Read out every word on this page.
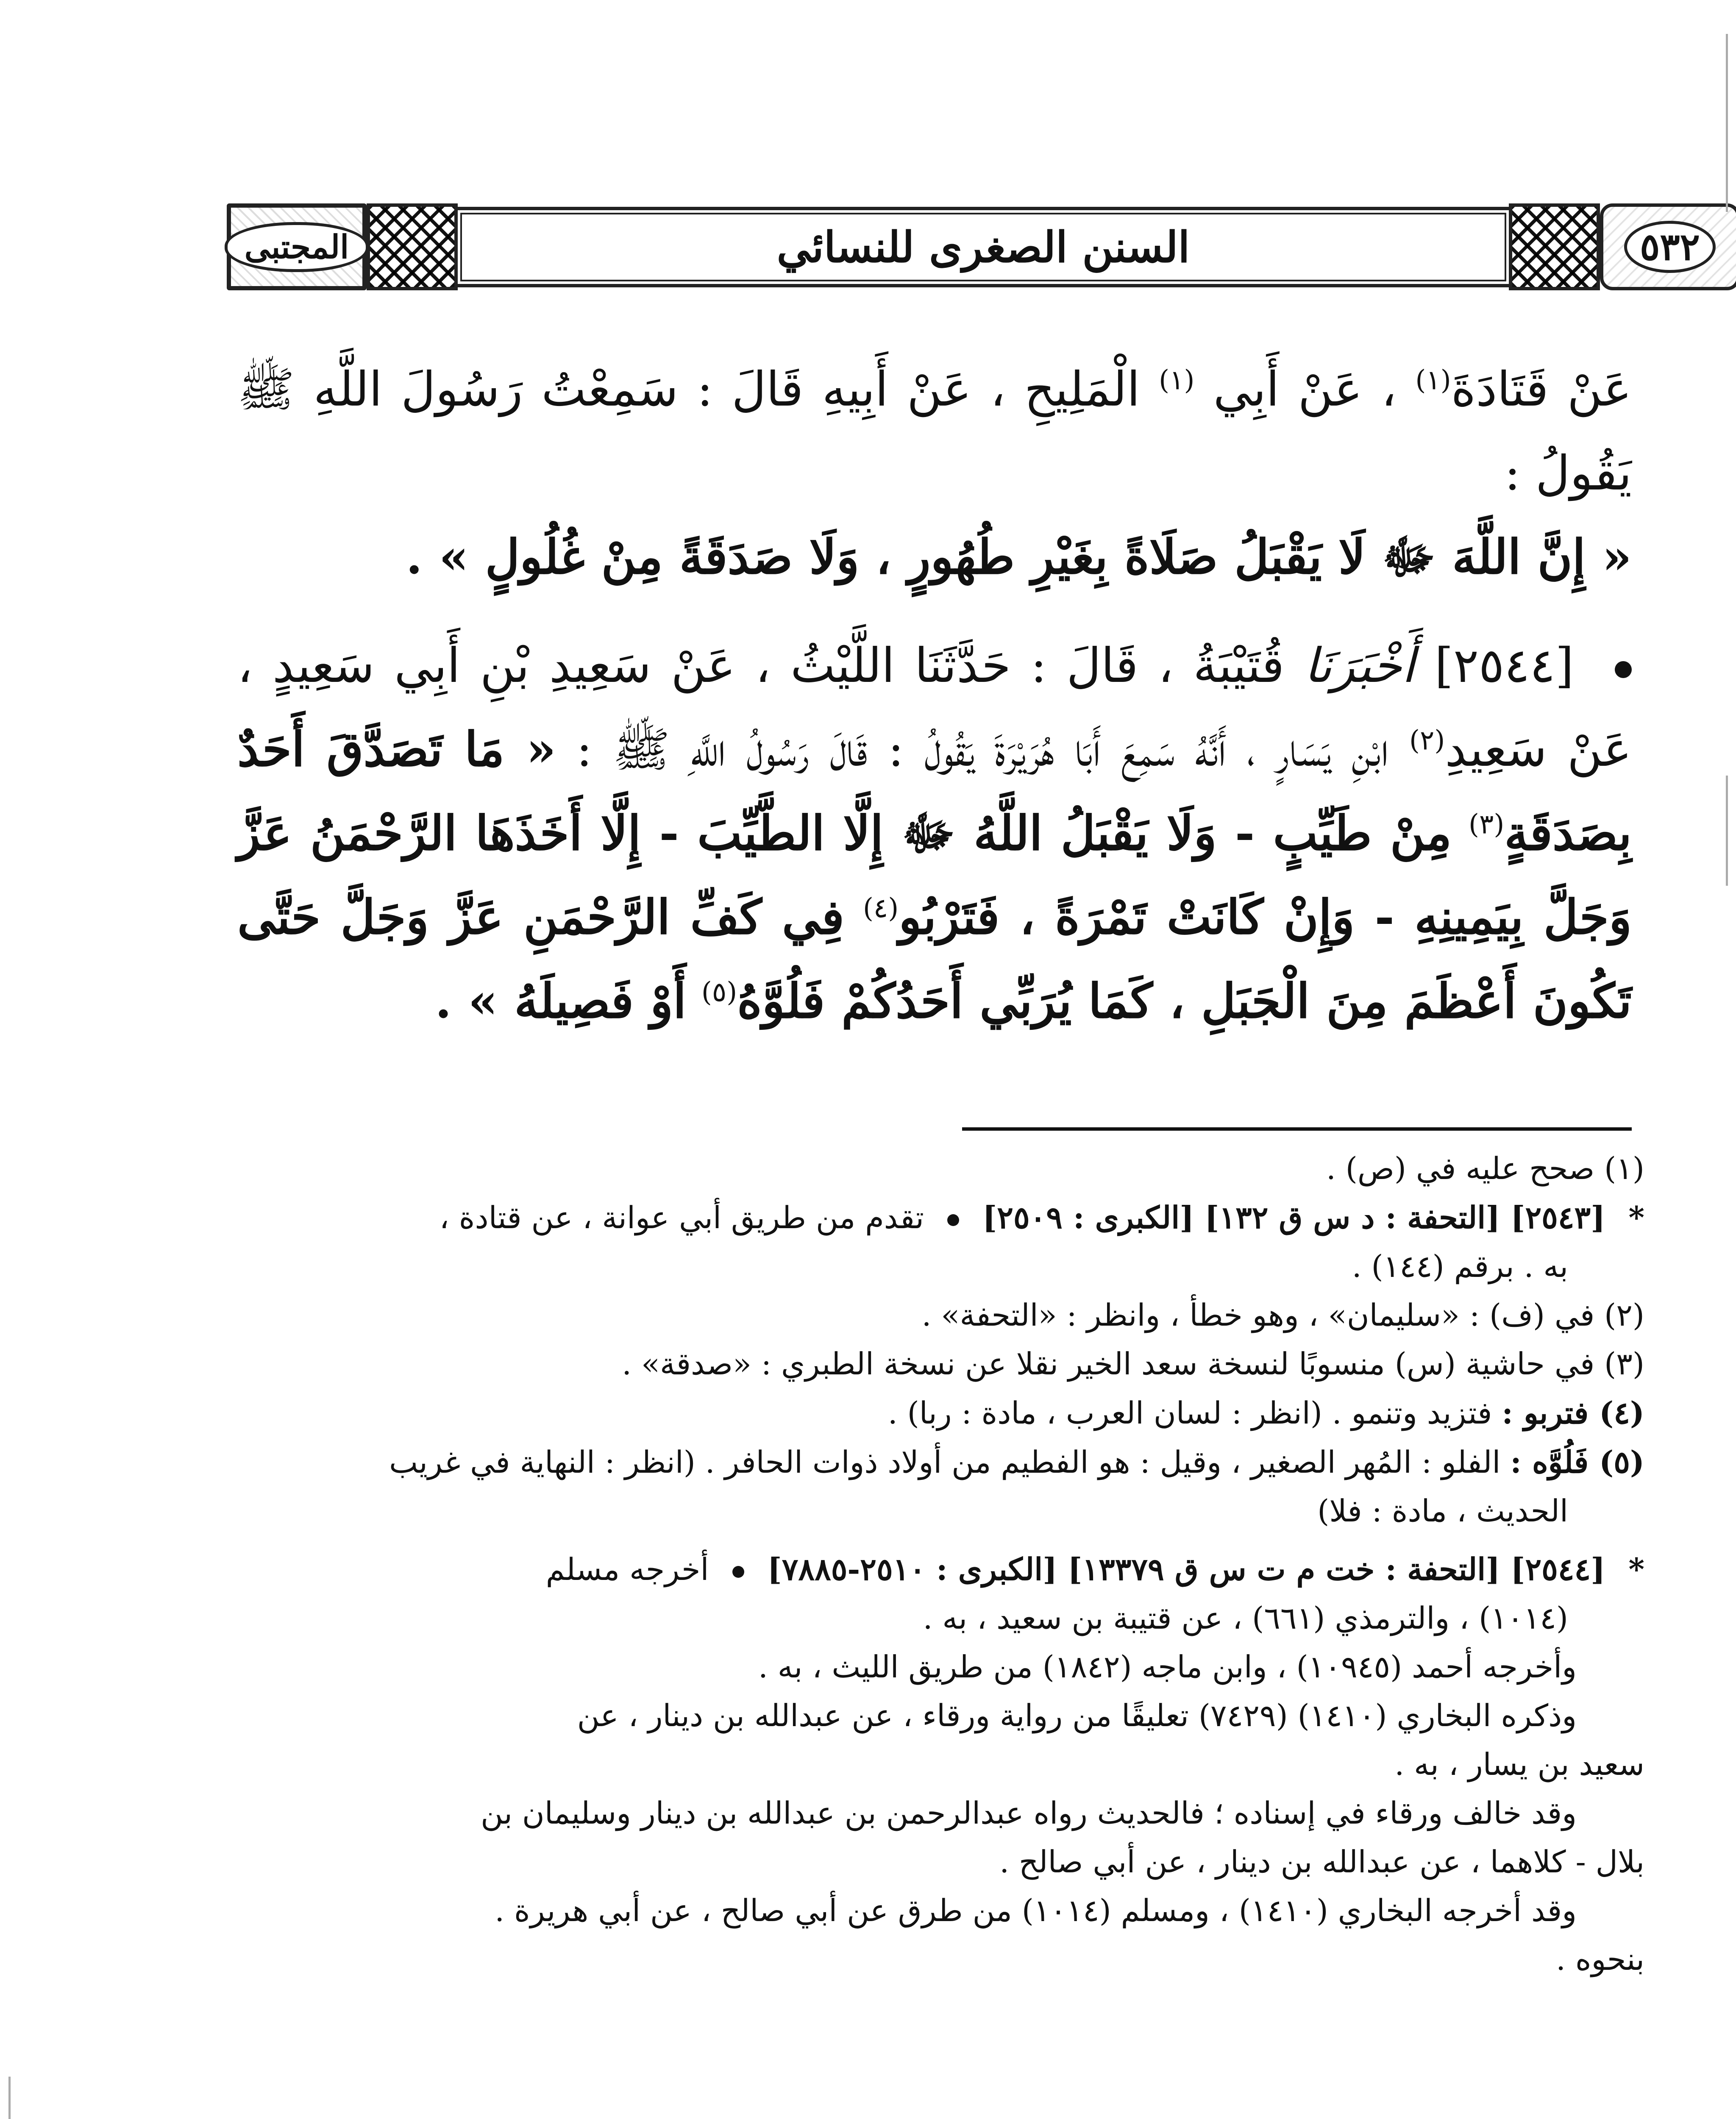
المجتبى	السنن الصغرى للنسائي	٥٣٢

عَنْ قَتَادَةَ$^{(١)}$ ، عَنْ أَبِي $^{(١)}$ الْمَلِيحِ ، عَنْ أَبِيهِ قَالَ : سَمِعْتُ رَسُولَ اللَّهِ ﷺ يَقُولُ :

« إِنَّ اللَّهَ ﷻ لَا يَقْبَلُ صَلَاةً بِغَيْرِ طُهُورٍ ، وَلَا صَدَقَةً مِنْ غُلُولٍ » .

[٢٥٤٤] أَخْبَرَنَا قُتَيْبَةُ ، قَالَ : حَدَّثَنَا اللَّيْثُ ، عَنْ سَعِيدِ بْنِ أَبِي سَعِيدٍ ، عَنْ سَعِيدِ$^{(٢)}$ ابْنِ يَسَارٍ ، أَنَّهُ سَمِعَ أَبَا هُرَيْرَةَ يَقُولُ : قَالَ رَسُولُ اللَّهِ ﷺ : « مَا تَصَدَّقَ أَحَدٌ بِصَدَقَةٍ$^{(٣)}$ مِنْ طَيِّبٍ - وَلَا يَقْبَلُ اللَّهُ ﷻ إِلَّا الطَّيِّبَ - إِلَّا أَخَذَهَا الرَّحْمَنُ عَزَّ وَجَلَّ بِيَمِينِهِ - وَإِنْ كَانَتْ تَمْرَةً ، فَتَرْبُو$^{(٤)}$ فِي كَفِّ الرَّحْمَنِ عَزَّ وَجَلَّ حَتَّى تَكُونَ أَعْظَمَ مِنَ الْجَبَلِ ، كَمَا يُرَبِّي أَحَدُكُمْ فَلُوَّهُ$^{(٥)}$ أَوْ فَصِيلَهُ » .

(١) صحح عليه في (ص) .

* [٢٥٤٣] [التحفة : د س ق ١٣٢] [الكبرى : ٢٥٠٩]  تقدم من طريق أبي عوانة ، عن قتادة ،

به . برقم (١٤٤) .

(٢) في (ف) : «سليمان» ، وهو خطأ ، وانظر : «التحفة» .

(٣) في حاشية (س) منسوبًا لنسخة سعد الخير نقلا عن نسخة الطبري : «صدقة» .

(٤) فتربو : فتزيد وتنمو . (انظر : لسان العرب ، مادة : ربا) .

(٥) فَلُوَّه : الفلو : المُهر الصغير ، وقيل : هو الفطيم من أولاد ذوات الحافر . (انظر : النهاية في غريب

الحديث ، مادة : فلا)

* [٢٥٤٤] [التحفة : خت م ت س ق ١٣٣٧٩] [الكبرى : ٢٥١٠-٧٨٨٥]  أخرجه مسلم

(١٠١٤) ، والترمذي (٦٦١) ، عن قتيبة بن سعيد ، به .

وأخرجه أحمد (١٠٩٤٥) ، وابن ماجه (١٨٤٢) من طريق الليث ، به .

وذكره البخاري (١٤١٠) (٧٤٢٩) تعليقًا من رواية ورقاء ، عن عبدالله بن دينار ، عن

سعيد بن يسار ، به .

وقد خالف ورقاء في إسناده ؛ فالحديث رواه عبدالرحمن بن عبدالله بن دينار وسليمان بن

بلال - كلاهما ، عن عبدالله بن دينار ، عن أبي صالح .

وقد أخرجه البخاري (١٤١٠) ، ومسلم (١٠١٤) من طرق عن أبي صالح ، عن أبي هريرة .

بنحوه .
